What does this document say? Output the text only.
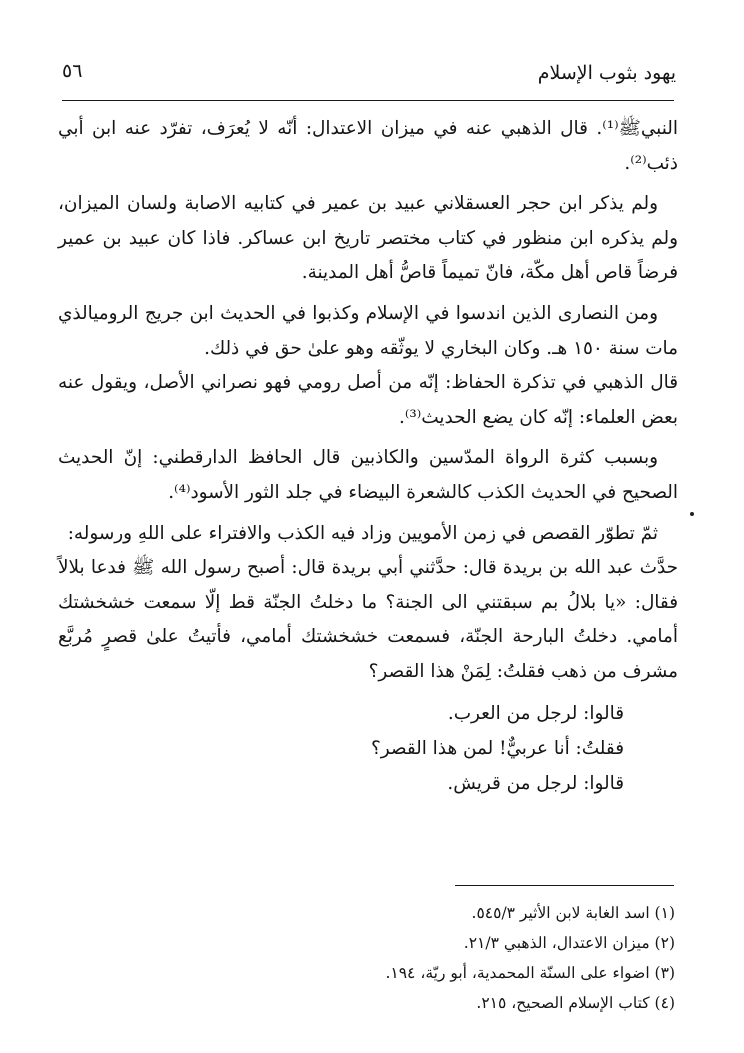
يهود بثوب الإسلام
٥٦

النبيﷺ⁽¹⁾. قال الذهبي عنه في ميزان الاعتدال: أنّه لا يُعرَف، تفرّد عنه ابن أبي ذئب⁽²⁾.

ولم يذكر ابن حجر العسقلاني عبيد بن عمير في كتابيه الاصابة ولسان الميزان، ولم يذكره ابن منظور في كتاب مختصر تاريخ ابن عساكر. فاذا كان عبيد بن عمير فرضاً قاص أهل مكّة، فانّ تميماً قاصُّ أهل المدينة.

ومن النصارى الذين اندسوا في الإسلام وكذبوا في الحديث ابن جريج الروميالذي مات سنة ١٥٠ هـ. وكان البخاري لا يوثّقه وهو علىٰ حق في ذلك.

قال الذهبي في تذكرة الحفاظ: إنّه من أصل رومي فهو نصراني الأصل، ويقول عنه بعض العلماء: إنّه كان يضع الحديث⁽³⁾.

وبسبب كثرة الرواة المدّسين والكاذبين قال الحافظ الدارقطني: إنّ الحديث الصحيح في الحديث الكذب كالشعرة البيضاء في جلد الثور الأسود⁽⁴⁾.

ثمّ تطوّر القصص في زمن الأمويين وزاد فيه الكذب والافتراء على اللهِ ورسوله:

حدَّث عبد الله بن بريدة قال: حدَّثني أبي بريدة قال: أصبح رسول الله ﷺ فدعا بلالاً فقال: «يا بلالُ بم سبقتني الى الجنة؟ ما دخلتُ الجنّة قط إلّا سمعت خشخشتك أمامي. دخلتُ البارحة الجنّة، فسمعت خشخشتك أمامي، فأتيتُ علىٰ قصرٍ مُربَّع مشرف من ذهب فقلتُ: لِمَنْ هذا القصر؟

قالوا: لرجل من العرب.

فقلتُ: أنا عربيٌّ! لمن هذا القصر؟

قالوا: لرجل من قريش.

(١) اسد الغابة لابن الأثير ٥٤٥/٣.

(٢) ميزان الاعتدال، الذهبي ٢١/٣.

(٣) اضواء على السنّة المحمدية، أبو ريّة، ١٩٤.

(٤) كتاب الإسلام الصحيح، ٢١٥.
